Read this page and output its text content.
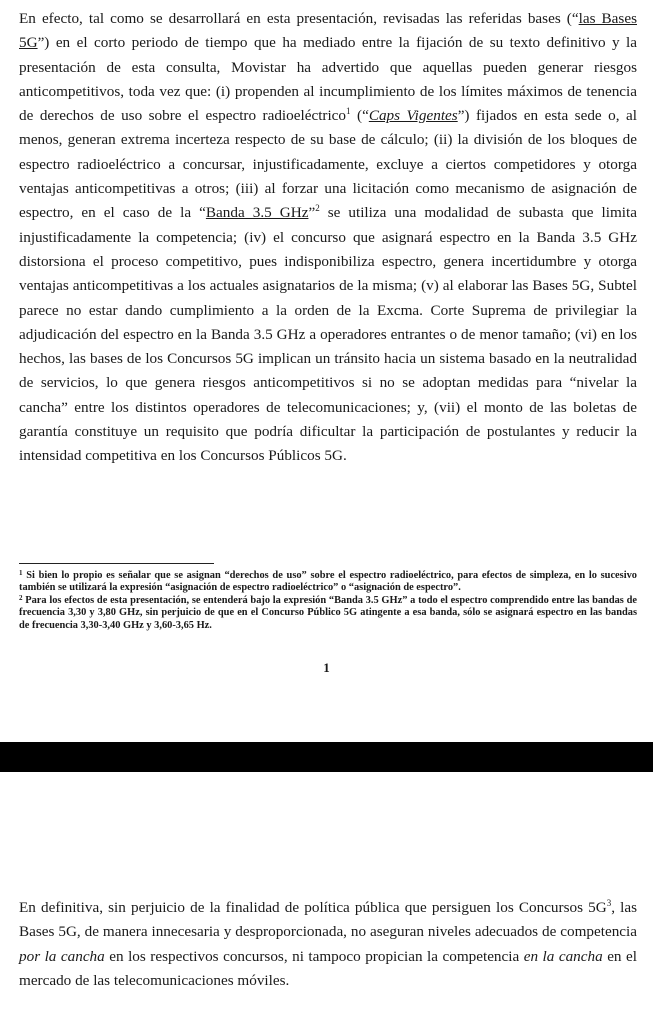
En efecto, tal como se desarrollará en esta presentación, revisadas las referidas bases (“las Bases 5G”) en el corto periodo de tiempo que ha mediado entre la fijación de su texto definitivo y la presentación de esta consulta, Movistar ha advertido que aquellas pueden generar riesgos anticompetitivos, toda vez que: (i) propenden al incumplimiento de los límites máximos de tenencia de derechos de uso sobre el espectro radioeléctrico$^1$ (“Caps Vigentes”) fijados en esta sede o, al menos, generan extrema incerteza respecto de su base de cálculo; (ii) la división de los bloques de espectro radioeléctrico a concursar, injustificadamente, excluye a ciertos competidores y otorga ventajas anticompetitivas a otros; (iii) al forzar una licitación como mecanismo de asignación de espectro, en el caso de la “Banda 3.5 GHz”$^2$ se utiliza una modalidad de subasta que limita injustificadamente la competencia; (iv) el concurso que asignará espectro en la Banda 3.5 GHz distorsiona el proceso competitivo, pues indisponibiliza espectro, genera incertidumbre y otorga ventajas anticompetitivas a los actuales asignatarios de la misma; (v) al elaborar las Bases 5G, Subtel parece no estar dando cumplimiento a la orden de la Excma. Corte Suprema de privilegiar la adjudicación del espectro en la Banda 3.5 GHz a operadores entrantes o de menor tamaño; (vi) en los hechos, las bases de los Concursos 5G implican un tránsito hacia un sistema basado en la neutralidad de servicios, lo que genera riesgos anticompetitivos si no se adoptan medidas para “nivelar la cancha” entre los distintos operadores de telecomunicaciones; y, (vii) el monto de las boletas de garantía constituye un requisito que podría dificultar la participación de postulantes y reducir la intensidad competitiva en los Concursos Públicos 5G.

$^1$ Si bien lo propio es señalar que se asignan “derechos de uso” sobre el espectro radioeléctrico, para efectos de simpleza, en lo sucesivo también se utilizará la expresión “asignación de espectro radioeléctrico” o “asignación de espectro”.

$^2$ Para los efectos de esta presentación, se entenderá bajo la expresión “Banda 3.5 GHz” a todo el espectro comprendido entre las bandas de frecuencia 3,30 y 3,80 GHz, sin perjuicio de que en el Concurso Público 5G atingente a esa banda, sólo se asignará espectro en las bandas de frecuencia 3,30-3,40 GHz y 3,60-3,65 Hz.

1

En definitiva, sin perjuicio de la finalidad de política pública que persiguen los Concursos $5G^3$, las Bases 5G, de manera innecesaria y desproporcionada, no aseguran niveles adecuados de competencia por la cancha en los respectivos concursos, ni tampoco propician la competencia en la cancha en el mercado de las telecomunicaciones móviles.
